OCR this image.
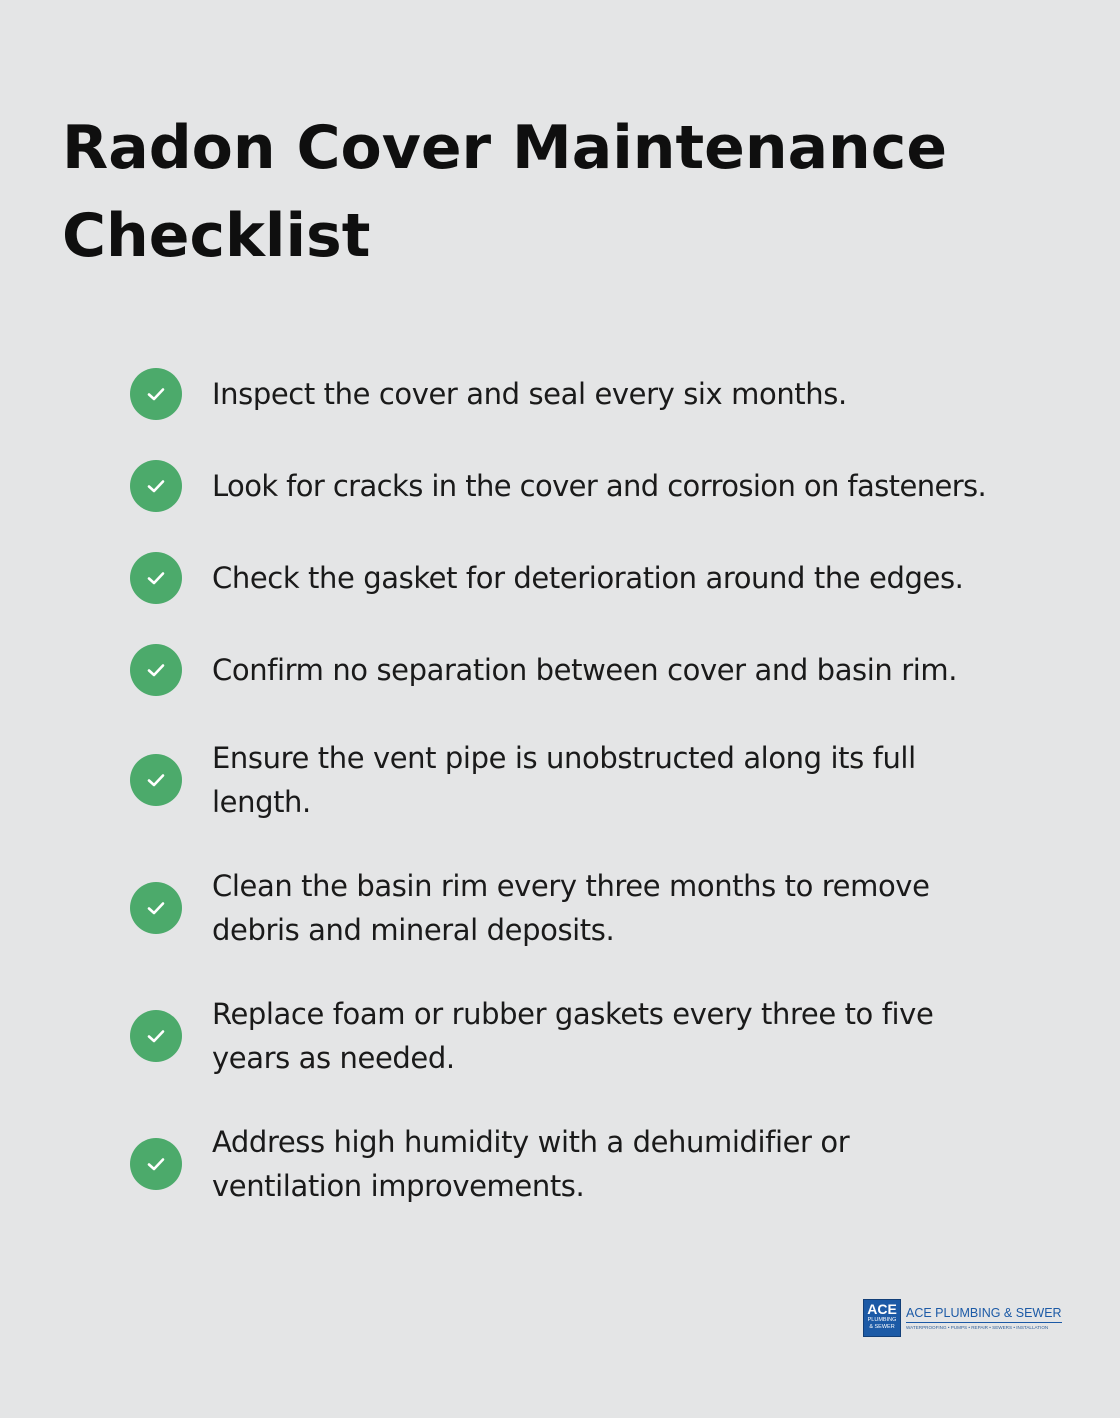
Radon Cover Maintenance Checklist
Inspect the cover and seal every six months.
Look for cracks in the cover and corrosion on fasteners.
Check the gasket for deterioration around the edges.
Confirm no separation between cover and basin rim.
Ensure the vent pipe is unobstructed along its full length.
Clean the basin rim every three months to remove debris and mineral deposits.
Replace foam or rubber gaskets every three to five years as needed.
Address high humidity with a dehumidifier or ventilation improvements.
ACE
PLUMBING
& SEWER
ACE PLUMBING & SEWER
WATERPROOFING • PUMPS • REPAIR • SEWERS • INSTALLATION
